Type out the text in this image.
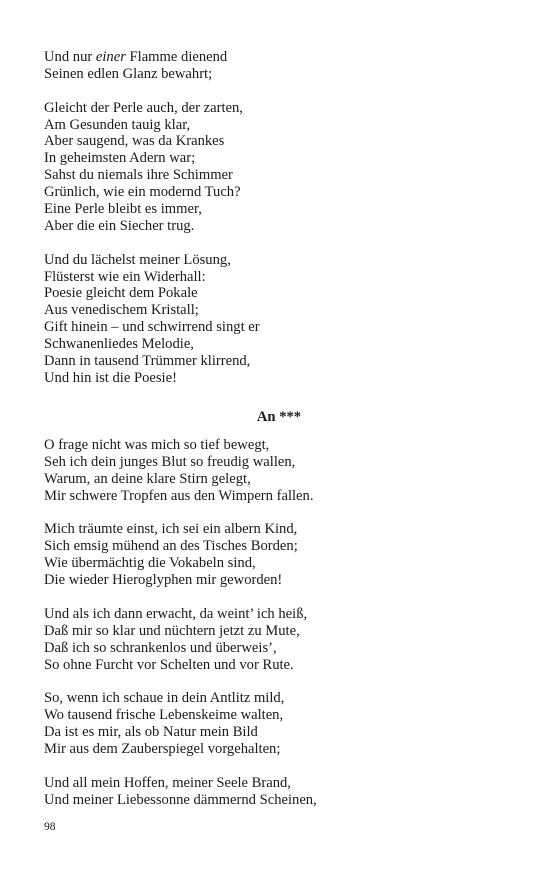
Und nur einer Flamme dienend
Seinen edlen Glanz bewahrt;
Gleicht der Perle auch, der zarten,
Am Gesunden tauig klar,
Aber saugend, was da Krankes
In geheimsten Adern war;
Sahst du niemals ihre Schimmer
Grünlich, wie ein modernd Tuch?
Eine Perle bleibt es immer,
Aber die ein Siecher trug.
Und du lächelst meiner Lösung,
Flüsterst wie ein Widerhall:
Poesie gleicht dem Pokale
Aus venedischem Kristall;
Gift hinein – und schwirrend singt er
Schwanenliedes Melodie,
Dann in tausend Trümmer klirrend,
Und hin ist die Poesie!
An ***
O frage nicht was mich so tief bewegt,
Seh ich dein junges Blut so freudig wallen,
Warum, an deine klare Stirn gelegt,
Mir schwere Tropfen aus den Wimpern fallen.
Mich träumte einst, ich sei ein albern Kind,
Sich emsig mühend an des Tisches Borden;
Wie übermächtig die Vokabeln sind,
Die wieder Hieroglyphen mir geworden!
Und als ich dann erwacht, da weint’ ich heiß,
Daß mir so klar und nüchtern jetzt zu Mute,
Daß ich so schrankenlos und überweis’,
So ohne Furcht vor Schelten und vor Rute.
So, wenn ich schaue in dein Antlitz mild,
Wo tausend frische Lebenskeime walten,
Da ist es mir, als ob Natur mein Bild
Mir aus dem Zauberspiegel vorgehalten;
Und all mein Hoffen, meiner Seele Brand,
Und meiner Liebessonne dämmernd Scheinen,
98
